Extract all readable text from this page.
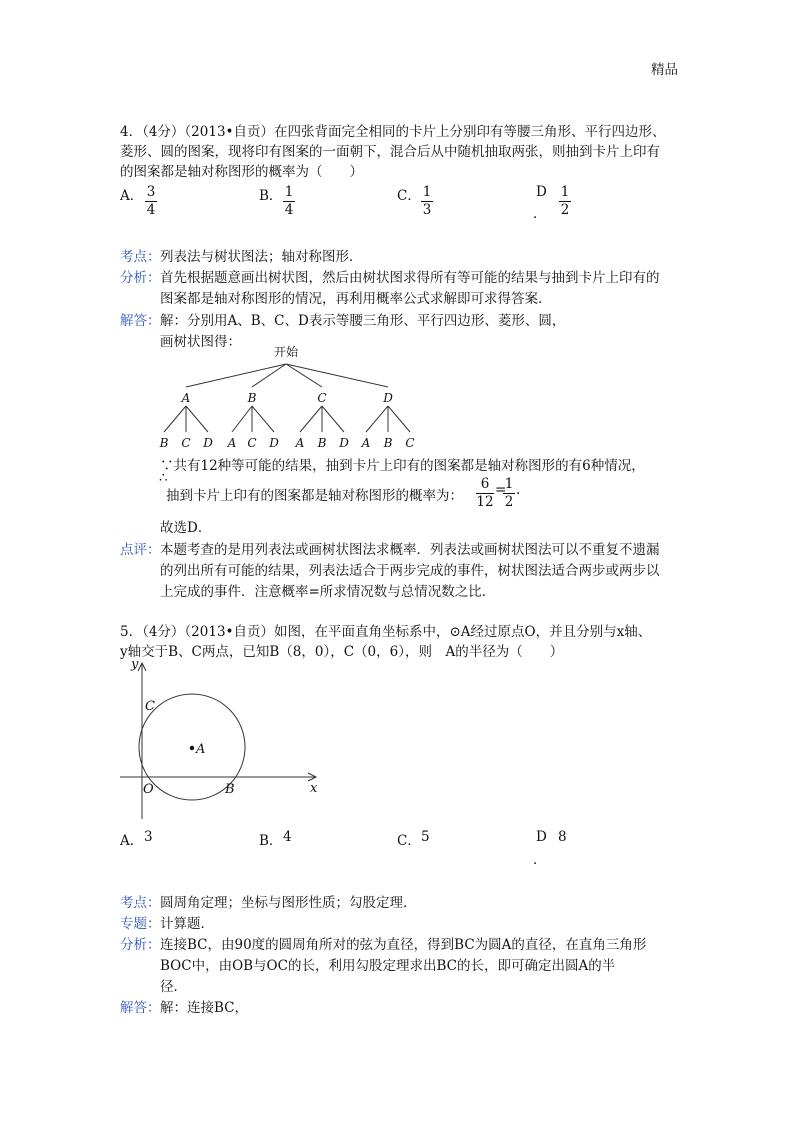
精品
4．（4分）（2013•自贡）在四张背面完全相同的卡片上分别印有等腰三角形、平行四边形、
菱形、圆的图案，现将印有图案的一面朝下，混合后从中随机抽取两张，则抽到卡片上印有
的图案都是轴对称图形的概率为（　　）
A． 3
4
B． 1
4
C． 1
3
D
．
1
2
考点： 列表法与树状图法；轴对称图形．
分析： 首先根据题意画出树状图，然后由树状图求得所有等可能的结果与抽到卡片上印有的
图案都是轴对称图形的情况，再利用概率公式求解即可求得答案．
解答： 解：分别用A、B、C、D表示等腰三角形、平行四边形、菱形、圆，
画树状图得：
开始
A	B	C	D
B C D A C D A B D A B C
∵共有12种等可能的结果，抽到卡片上印有的图案都是轴对称图形的有6种情况，
∴
抽到卡片上印有的图案都是轴对称图形的概率为：
6
12
=
1
2
.
故选D．
点评： 本题考查的是用列表法或画树状图法求概率．列表法或画树状图法可以不重复不遗漏
的列出所有可能的结果，列表法适合于两步完成的事件，树状图法适合两步或两步以
上完成的事件．注意概率=所求情况数与总情况数之比．
5．（4分）（2013•自贡）如图，在平面直角坐标系中，⊙A经过原点O，并且分别与x轴、
y轴交于B、C两点，已知B（8，0），C（0，6），则　A的半径为（　　）
y
x
O	B
C
A
A． 3	B． 4	C． 5	D 8
．
考点： 圆周角定理；坐标与图形性质；勾股定理．
专题： 计算题．
分析： 连接BC，由90度的圆周角所对的弦为直径，得到BC为圆A的直径，在直角三角形
BOC中，由OB与OC的长，利用勾股定理求出BC的长，即可确定出圆A的半
径．
解答： 解：连接BC，
